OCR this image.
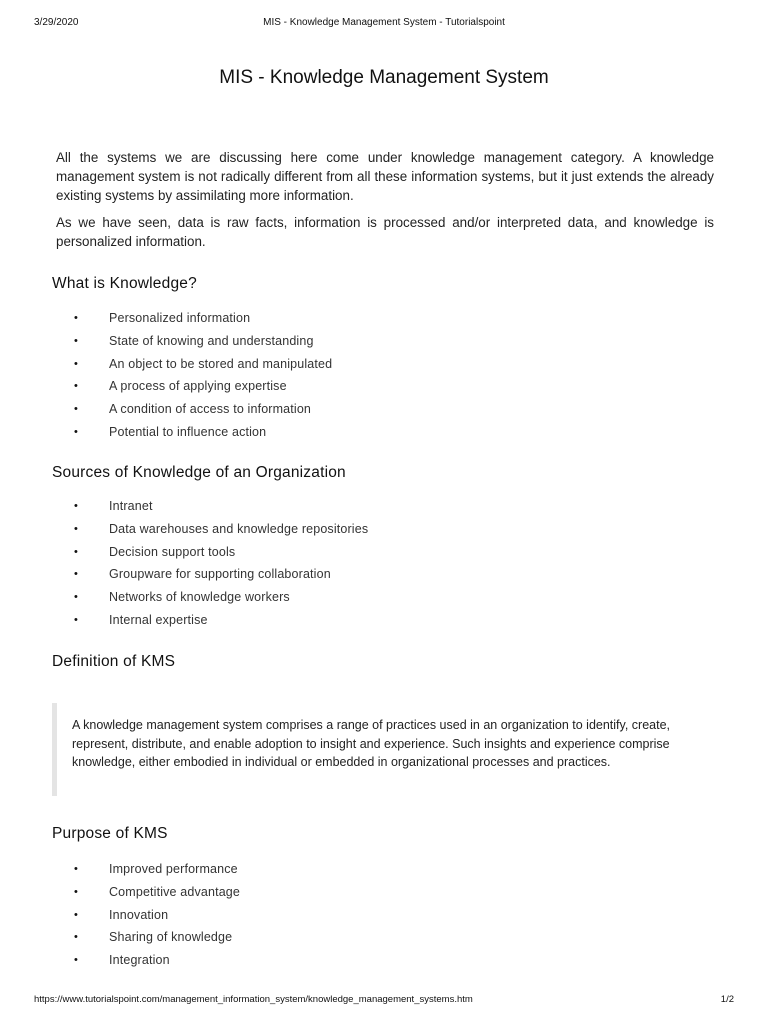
3/29/2020	MIS - Knowledge Management System - Tutorialspoint
MIS - Knowledge Management System

All the systems we are discussing here come under knowledge management category. A knowledge management system is not radically different from all these information systems, but it just extends the already existing systems by assimilating more information.

As we have seen, data is raw facts, information is processed and/or interpreted data, and knowledge is personalized information.

What is Knowledge?
• Personalized information
• State of knowing and understanding
• An object to be stored and manipulated
• A process of applying expertise
• A condition of access to information
• Potential to influence action
Sources of Knowledge of an Organization
• Intranet
• Data warehouses and knowledge repositories
• Decision support tools
• Groupware for supporting collaboration
• Networks of knowledge workers
• Internal expertise
Definition of KMS

A knowledge management system comprises a range of practices used in an organization to identify, create, represent, distribute, and enable adoption to insight and experience. Such insights and experience comprise knowledge, either embodied in individual or embedded in organizational processes and practices.

Purpose of KMS
• Improved performance
• Competitive advantage
• Innovation
• Sharing of knowledge
• Integration
https://www.tutorialspoint.com/management_information_system/knowledge_management_systems.htm	1/2
